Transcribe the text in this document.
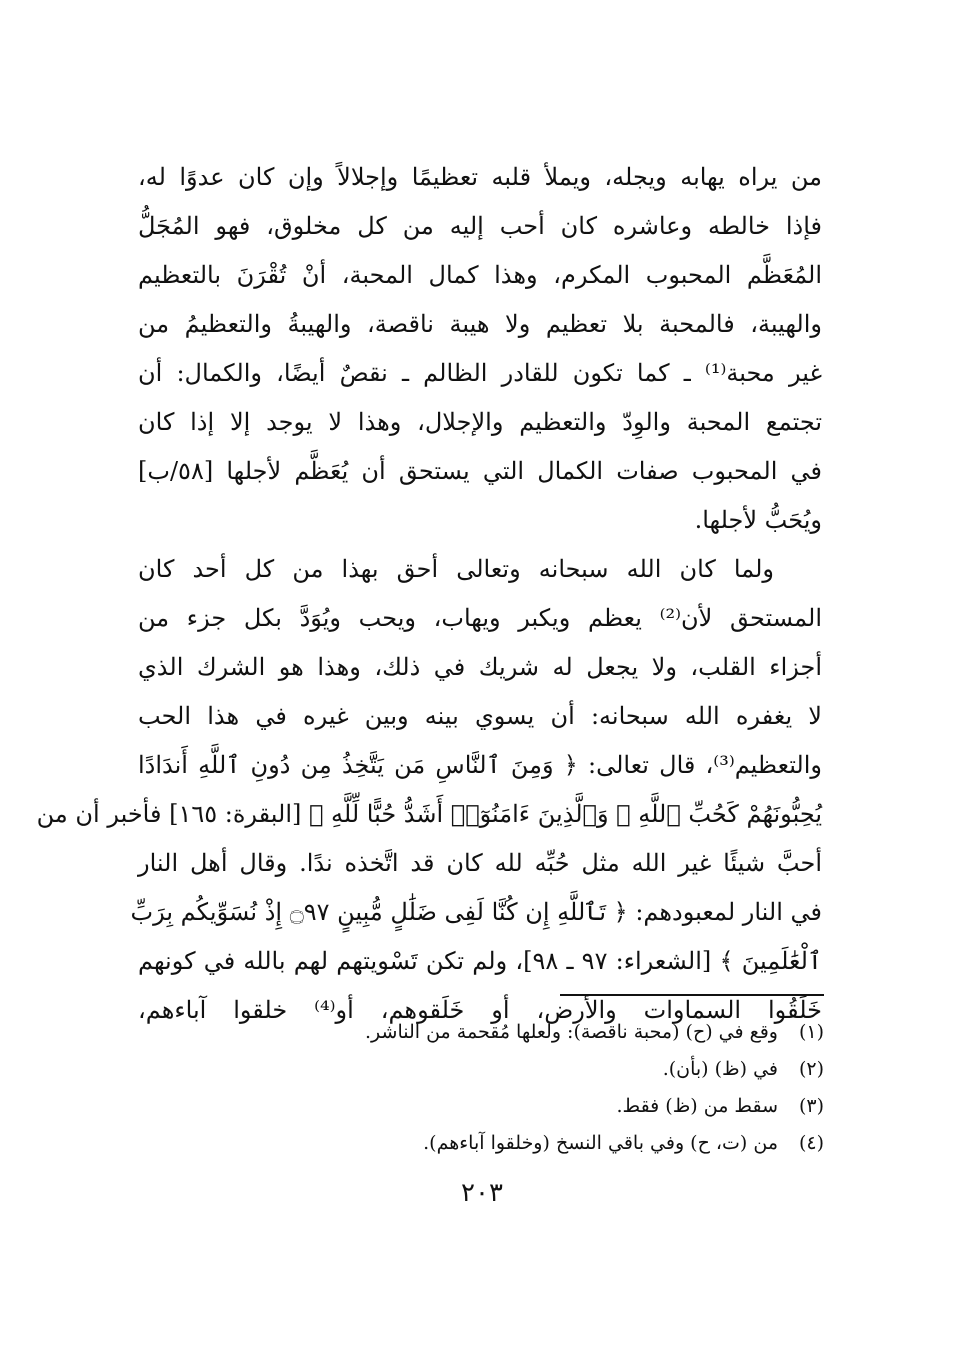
من يراه يهابه ويجله، ويملأ قلبه تعظيمًا وإجلالاً وإن كان عدوًا له،
فإذا خالطه وعاشره كان أحب إليه من كل مخلوق، فهو المُجَلُّ
المُعَظَّم المحبوب المكرم، وهذا كمال المحبة، أنْ تُقْرَنَ بالتعظيم
والهيبة، فالمحبة بلا تعظيم ولا هيبة ناقصة، والهيبةُ والتعظيمُ من
غير محبة⁽¹⁾ ـ كما تكون للقادر الظالم ـ نقصٌ أيضًا، والكمال: أن
تجتمع المحبة والوِدّ والتعظيم والإجلال، وهذا لا يوجد إلا إذا كان
في المحبوب صفات الكمال التي يستحق أن يُعَظَّم لأجلها [٥٨/ب]
ويُحَبُّ لأجلها.
ولما كان الله سبحانه وتعالى أحق بهذا من كل أحد كان
المستحق لأن⁽²⁾ يعظم ويكبر ويهاب، ويحب ويُوَدَّ بكل جزء من
أجزاء القلب، ولا يجعل له شريك في ذلك، وهذا هو الشرك الذي
لا يغفره الله سبحانه: أن يسوي بينه وبين غيره في هذا الحب
والتعظيم⁽³⁾، قال تعالى: ﴿ وَمِنَ ٱلنَّاسِ مَن يَتَّخِذُ مِن دُونِ ٱللَّهِ أَندَادًا
يُحِبُّونَهُمْ كَحُبِّ ٱللَّهِ ۖ وَٱلَّذِينَ ءَامَنُوٓا۟ أَشَدُّ حُبًّا لِّلَّهِ ﴾ [البقرة: ١٦٥] فأخبر أن من
أحبَّ شيئًا غير الله مثل حُبِّه لله كان قد اتَّخذه ندًا. وقال أهل النار
في النار لمعبودهم: ﴿ تَٱللَّهِ إِن كُنَّا لَفِى ضَلَٰلٍ مُّبِينٍ ۝٩٧ إِذْ نُسَوِّيكُم بِرَبِّ
ٱلْعَٰلَمِينَ ﴾ [الشعراء: ٩٧ ـ ٩٨]، ولم تكن تَسْويتهم لهم بالله في كونهم
خَلَقُوا السماوات والأرض، أو خَلَقوهم، أو⁽⁴⁾ خلقوا آباءهم،
(١)وقع في (ح) (محبة ناقصة): ولعلها مُقحمة من الناشر.
(٢)في (ظ) (بأن).
(٣)سقط من (ظ) فقط.
(٤)من (ت، ح) وفي باقي النسخ (وخلقوا آباءهم).
٢٠٣
